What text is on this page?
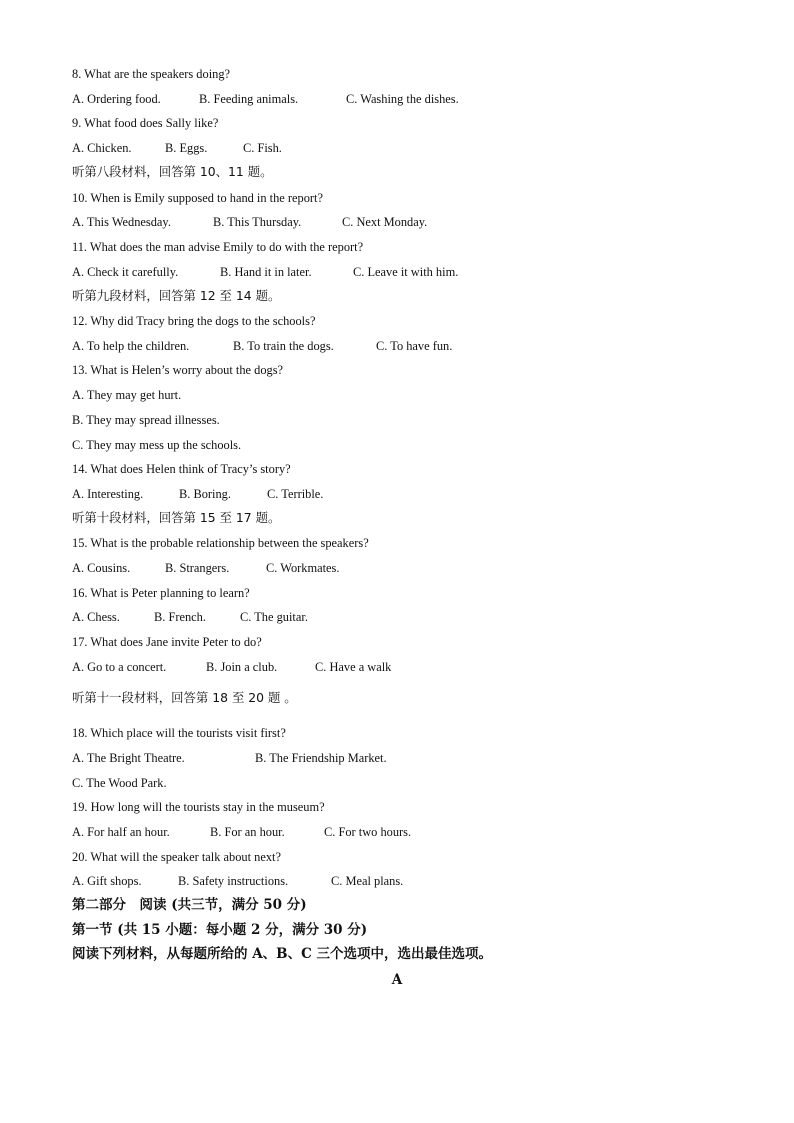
8. What are the speakers doing?
A. Ordering food.	B. Feeding animals.	C. Washing the dishes.
9. What food does Sally like?
A. Chicken.	B. Eggs.	C. Fish.
听第八段材料，回答第 10、11 题。
10. When is Emily supposed to hand in the report?
A. This Wednesday.	B. This Thursday.	C. Next Monday.
11. What does the man advise Emily to do with the report?
A. Check it carefully.	B. Hand it in later.	C. Leave it with him.
听第九段材料，回答第 12 至 14 题。
12. Why did Tracy bring the dogs to the schools?
A. To help the children.	B. To train the dogs.	C. To have fun.
13. What is Helen’s worry about the dogs?
A. They may get hurt.
B. They may spread illnesses.
C. They may mess up the schools.
14. What does Helen think of Tracy’s story?
A. Interesting.	B. Boring.	C. Terrible.
听第十段材料，回答第 15 至 17 题。
15. What is the probable relationship between the speakers?
A. Cousins.	B. Strangers.	C. Workmates.
16. What is Peter planning to learn?
A. Chess.	B. French.	C. The guitar.
17. What does Jane invite Peter to do?
A. Go to a concert.	B. Join a club.	C. Have a walk
听第十一段材料，回答第 18 至 20 题 。
18. Which place will the tourists visit first?
A. The Bright Theatre.	B. The Friendship Market.
C. The Wood Park.
19. How long will the tourists stay in the museum?
A. For half an hour.	B. For an hour.	C. For two hours.
20. What will the speaker talk about next?
A. Gift shops.	B. Safety instructions.	C. Meal plans.
第二部分　阅读 (共三节，满分 50 分)
第一节 (共 15 小题：每小题 2 分，满分 30 分)
阅读下列材料，从每题所给的 A、B、C 三个选项中，选出最佳选项。
A
